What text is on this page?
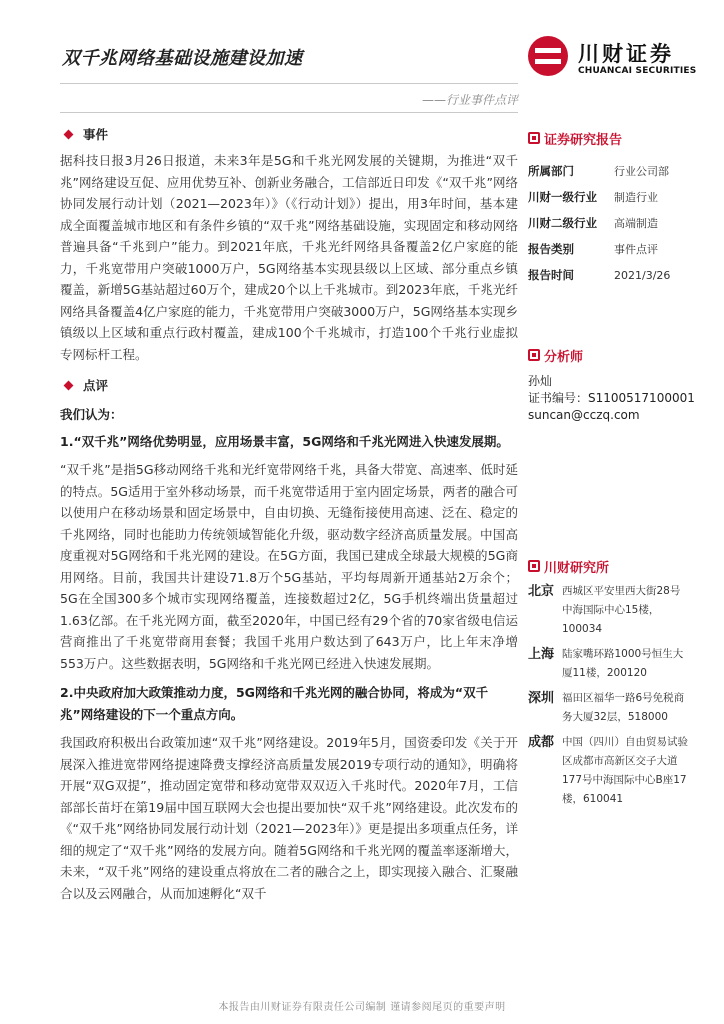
双千兆网络基础设施建设加速
——行业事件点评
川财证券
CHUANCAI SECURITIES
事件

据科技日报3月26日报道，未来3年是5G和千兆光网发展的关键期，为推进“双千兆”网络建设互促、应用优势互补、创新业务融合，工信部近日印发《“双千兆”网络协同发展行动计划（2021—2023年）》（《行动计划》）提出，用3年时间，基本建成全面覆盖城市地区和有条件乡镇的“双千兆”网络基础设施，实现固定和移动网络普遍具备“千兆到户”能力。到2021年底，千兆光纤网络具备覆盖2亿户家庭的能力，千兆宽带用户突破1000万户，5G网络基本实现县级以上区域、部分重点乡镇覆盖，新增5G基站超过60万个，建成20个以上千兆城市。到2023年底，千兆光纤网络具备覆盖4亿户家庭的能力，千兆宽带用户突破3000万户，5G网络基本实现乡镇级以上区域和重点行政村覆盖，建成100个千兆城市，打造100个千兆行业虚拟专网标杆工程。

点评

我们认为：

1.“双千兆”网络优势明显，应用场景丰富，5G网络和千兆光网进入快速发展期。

“双千兆”是指5G移动网络千兆和光纤宽带网络千兆，具备大带宽、高速率、低时延的特点。5G适用于室外移动场景，而千兆宽带适用于室内固定场景，两者的融合可以使用户在移动场景和固定场景中，自由切换、无缝衔接使用高速、泛在、稳定的千兆网络，同时也能助力传统领域智能化升级，驱动数字经济高质量发展。中国高度重视对5G网络和千兆光网的建设。在5G方面，我国已建成全球最大规模的5G商用网络。目前，我国共计建设71.8万个5G基站，平均每周新开通基站2万余个；5G在全国300多个城市实现网络覆盖，连接数超过2亿，5G手机终端出货量超过1.63亿部。在千兆光网方面，截至2020年，中国已经有29个省的70家省级电信运营商推出了千兆宽带商用套餐；我国千兆用户数达到了643万户，比上年末净增553万户。这些数据表明，5G网络和千兆光网已经进入快速发展期。

2.中央政府加大政策推动力度，5G网络和千兆光网的融合协同，将成为“双千兆”网络建设的下一个重点方向。

我国政府积极出台政策加速“双千兆”网络建设。2019年5月，国资委印发《关于开展深入推进宽带网络提速降费支撑经济高质量发展2019专项行动的通知》，明确将开展“双G双提”，推动固定宽带和移动宽带双双迈入千兆时代。2020年7月，工信部部长苗圩在第19届中国互联网大会也提出要加快“双千兆”网络建设。此次发布的《“双千兆”网络协同发展行动计划（2021—2023年）》更是提出多项重点任务，详细的规定了“双千兆”网络的发展方向。随着5G网络和千兆光网的覆盖率逐渐增大，未来，“双千兆”网络的建设重点将放在二者的融合之上，即实现接入融合、汇聚融合以及云网融合，从而加速孵化“双千

证券研究报告
所属部门	行业公司部
川财一级行业	制造行业
川财二级行业	高端制造
报告类别	事件点评
报告时间	2021/3/26
分析师
孙灿
证书编号：S1100517100001
suncan@cczq.com
川财研究所
北京 西城区平安里西大街28号中海国际中心15楼，100034
上海 陆家嘴环路1000号恒生大厦11楼，200120
深圳 福田区福华一路6号免税商务大厦32层，518000
成都 中国（四川）自由贸易试验区成都市高新区交子大道177号中海国际中心B座17楼，610041
本报告由川财证券有限责任公司编制 谨请参阅尾页的重要声明
